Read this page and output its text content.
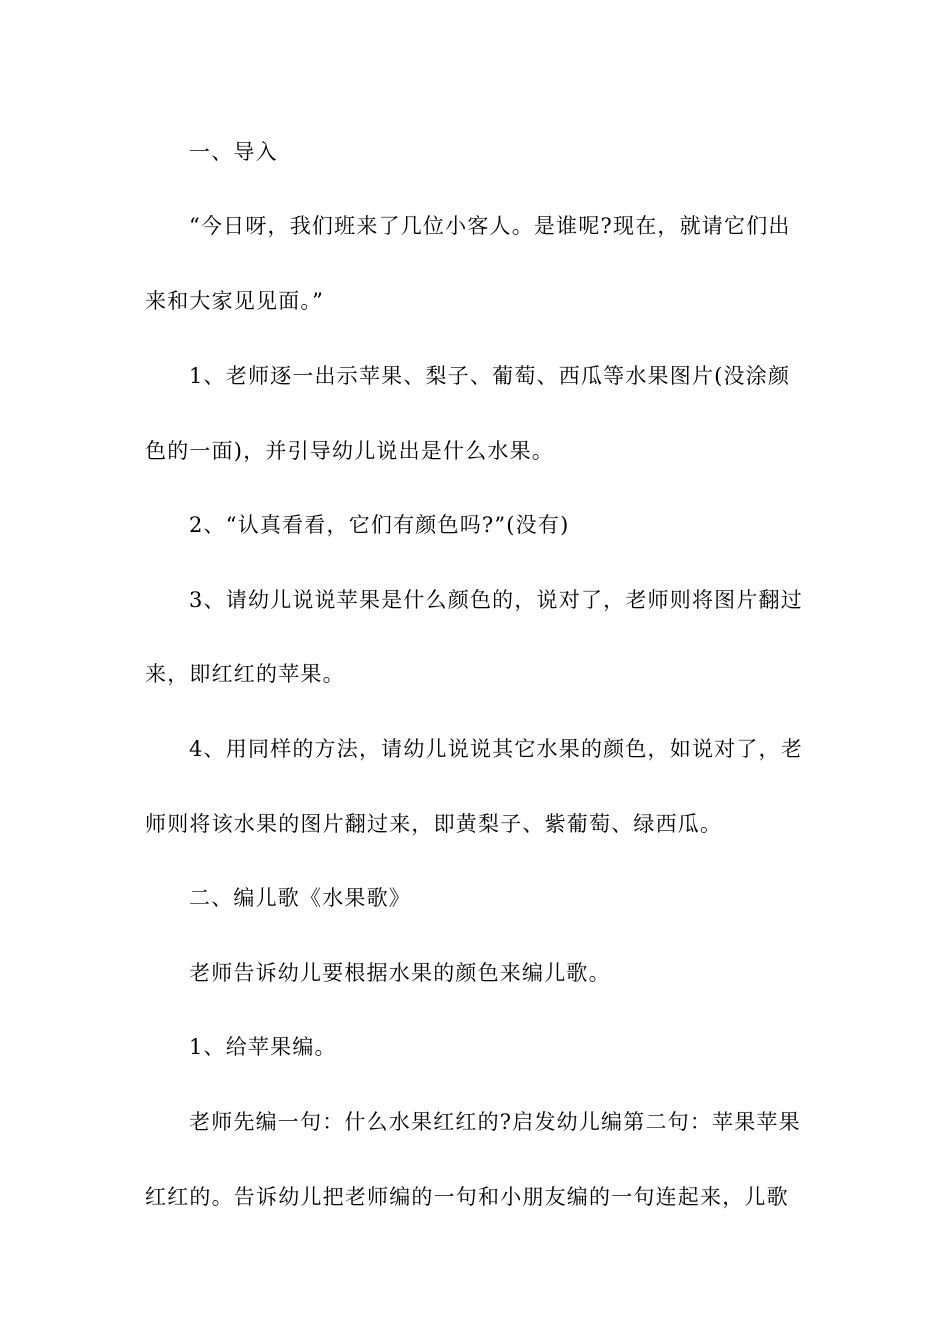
一、导入
“今日呀，我们班来了几位小客人。是谁呢?现在，就请它们出
来和大家见见面。”
1、老师逐一出示苹果、梨子、葡萄、西瓜等水果图片(没涂颜
色的一面)，并引导幼儿说出是什么水果。
2、“认真看看，它们有颜色吗?”(没有)
3、请幼儿说说苹果是什么颜色的，说对了，老师则将图片翻过
来，即红红的苹果。
4、用同样的方法，请幼儿说说其它水果的颜色，如说对了，老
师则将该水果的图片翻过来，即黄梨子、紫葡萄、绿西瓜。
二、编儿歌《水果歌》
老师告诉幼儿要根据水果的颜色来编儿歌。
1、给苹果编。
老师先编一句：什么水果红红的?启发幼儿编第二句：苹果苹果
红红的。告诉幼儿把老师编的一句和小朋友编的一句连起来，儿歌
